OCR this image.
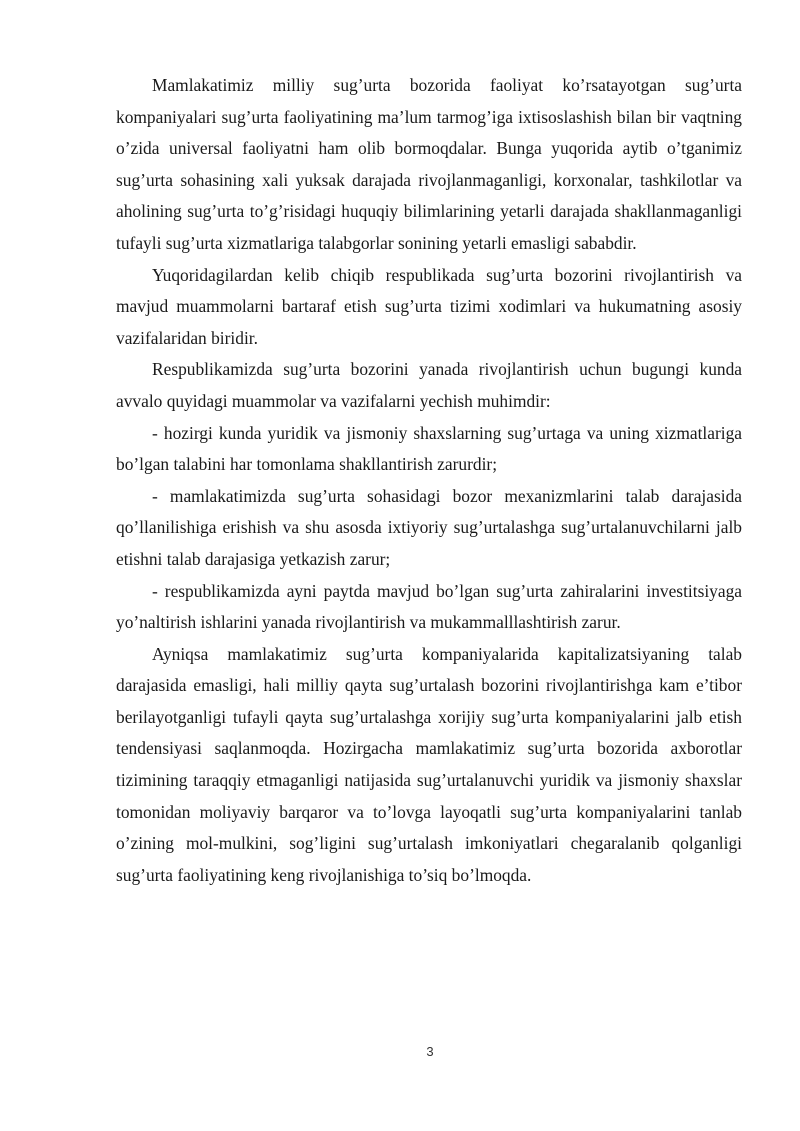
Mamlakatimiz milliy sug’urta bozorida faoliyat ko’rsatayotgan sug’urta kompaniyalari sug’urta faoliyatining ma’lum tarmog’iga ixtisoslashish bilan bir vaqtning o’zida universal faoliyatni ham olib bormoqdalar. Bunga yuqorida aytib o’tganimiz sug’urta sohasining xali yuksak darajada rivojlanmaganligi, korxonalar, tashkilotlar va aholining sug’urta to’g’risidagi huquqiy bilimlarining yetarli darajada shakllanmaganligi tufayli sug’urta xizmatlariga talabgorlar sonining yetarli emasligi sababdir.

Yuqoridagilardan kelib chiqib respublikada sug’urta bozorini rivojlantirish va mavjud muammolarni bartaraf etish sug’urta tizimi xodimlari va hukumatning asosiy vazifalaridan biridir.

Respublikamizda sug’urta bozorini yanada rivojlantirish uchun bugungi kunda avvalo quyidagi muammolar va vazifalarni yechish muhimdir:

- hozirgi kunda yuridik va jismoniy shaxslarning sug’urtaga va uning xizmatlariga bo’lgan talabini har tomonlama shakllantirish zarurdir;

- mamlakatimizda sug’urta sohasidagi bozor mexanizmlarini talab darajasida qo’llanilishiga erishish va shu asosda ixtiyoriy sug’urtalashga sug’urtalanuvchilarni jalb etishni talab darajasiga yetkazish zarur;

- respublikamizda ayni paytda mavjud bo’lgan sug’urta zahiralarini investitsiyaga yo’naltirish ishlarini yanada rivojlantirish va mukammalllashtirish zarur.

Ayniqsa mamlakatimiz sug’urta kompaniyalarida kapitalizatsiyaning talab darajasida emasligi, hali milliy qayta sug’urtalash bozorini rivojlantirishga kam e’tibor berilayotganligi tufayli qayta sug’urtalashga xorijiy sug’urta kompaniyalarini jalb etish tendensiyasi saqlanmoqda. Hozirgacha mamlakatimiz sug’urta bozorida axborotlar tizimining taraqqiy etmaganligi natijasida sug’urtalanuvchi yuridik va jismoniy shaxslar tomonidan moliyaviy barqaror va to’lovga layoqatli sug’urta kompaniyalarini tanlab o’zining mol-mulkini, sog’ligini sug’urtalash imkoniyatlari chegaralanib qolganligi sug’urta faoliyatining keng rivojlanishiga to’siq bo’lmoqda.

3
